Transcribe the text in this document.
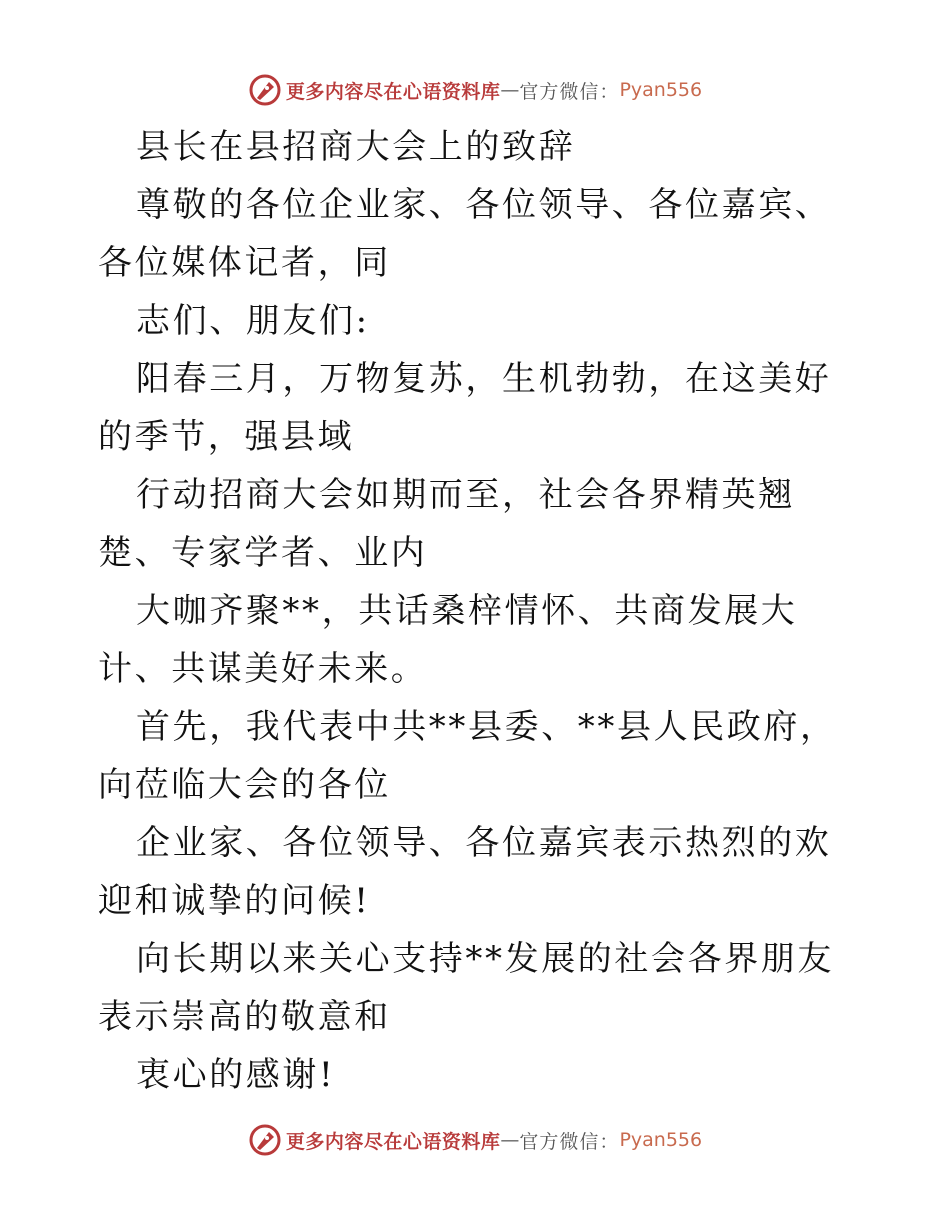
更多内容尽在心语资料库 — 官方微信： Pyan556

县长在县招商大会上的致辞

尊敬的各位企业家、各位领导、各位嘉宾、各位媒体记者，同

志们、朋友们:

阳春三月，万物复苏，生机勃勃，在这美好的季节，强县域

行动招商大会如期而至，社会各界精英翘楚、专家学者、业内

大咖齐聚**，共话桑梓情怀、共商发展大计、共谋美好未来。

首先，我代表中共**县委、**县人民政府，向莅临大会的各位

企业家、各位领导、各位嘉宾表示热烈的欢迎和诚挚的问候!

向长期以来关心支持**发展的社会各界朋友表示崇高的敬意和

衷心的感谢!

更多内容尽在心语资料库 — 官方微信： Pyan556
